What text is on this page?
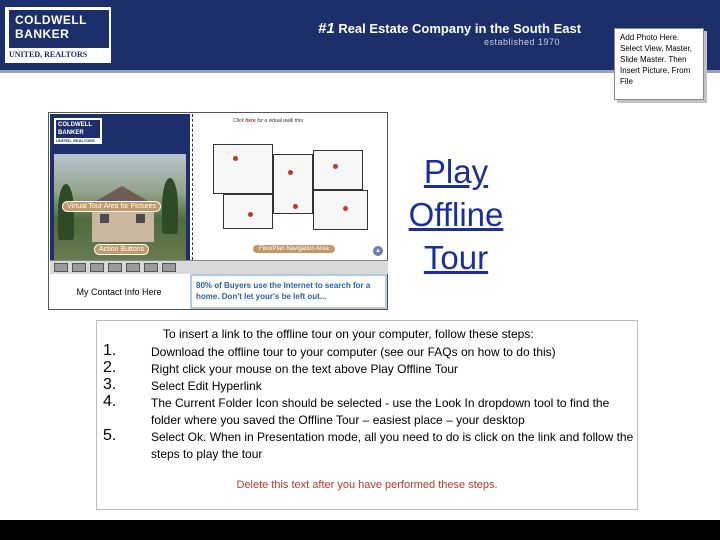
COLDWELL
BANKER
UNITED, REALTORS
#1 Real Estate Company in the South East
established 1970	Add Photo Here. Select View, Master, Slide Master. Then Insert Picture, From File
COLDWELL
BANKER
UNITED, REALTORS
Virtual Tour Area for Pictures
Action Buttons
Click here for a virtual walk thru
FloorPlan Navigation Area	▲
My Contact Info Here
80% of Buyers use the Internet to search for a home. Don't let your's be left out...
Play
Offline
Tour
To insert a link to the offline tour on your computer, follow these steps:
1.
2.
3.
4.
5.
Download the offline tour to your computer (see our FAQs on how to do this)
Right click your mouse on the text above Play Offline Tour
Select Edit Hyperlink
The Current Folder Icon should be selected - use the Look In dropdown tool to find the folder where you saved the Offline Tour – easiest place – your desktop
Select Ok. When in Presentation mode, all you need to do is click on the link and follow the steps to play the tour
Delete this text after you have performed these steps.
